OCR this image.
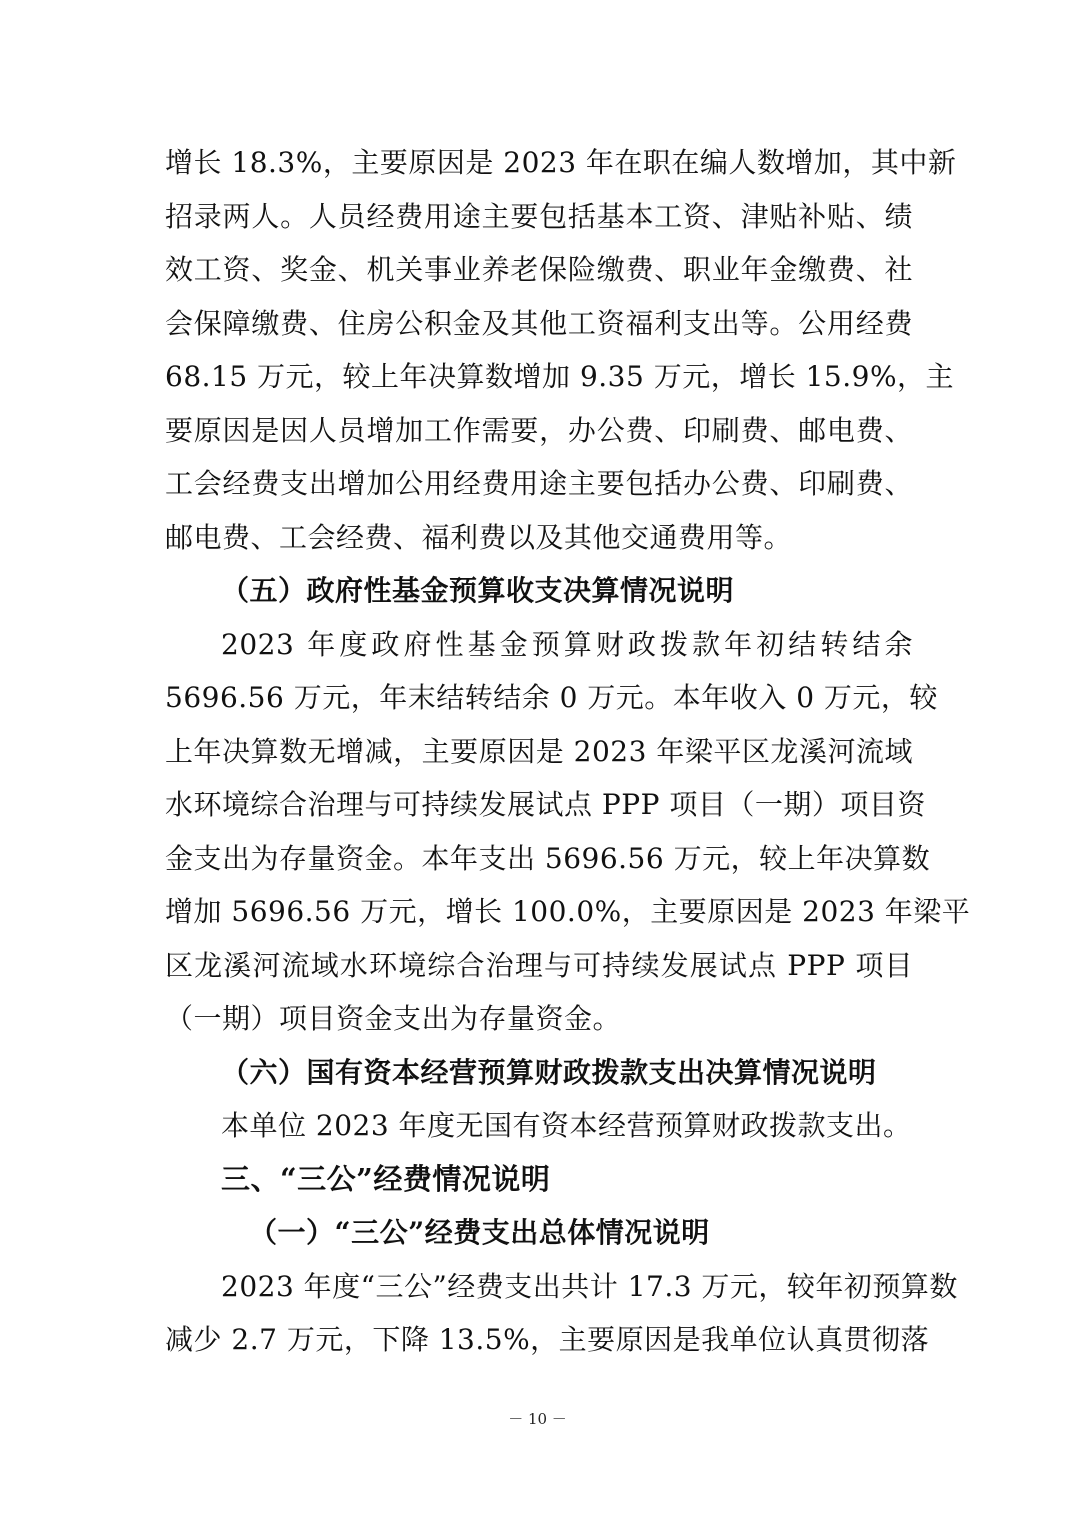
增长 18.3%，主要原因是 2023 年在职在编人数增加，其中新
招录两人。人员经费用途主要包括基本工资、津贴补贴、绩
效工资、奖金、机关事业养老保险缴费、职业年金缴费、社
会保障缴费、住房公积金及其他工资福利支出等。公用经费
68.15 万元，较上年决算数增加 9.35 万元，增长 15.9%，主
要原因是因人员增加工作需要，办公费、印刷费、邮电费、
工会经费支出增加公用经费用途主要包括办公费、印刷费、
邮电费、工会经费、福利费以及其他交通费用等。
（五）政府性基金预算收支决算情况说明
2023 年度政府性基金预算财政拨款年初结转结余
5696.56 万元，年末结转结余 0 万元。本年收入 0 万元，较
上年决算数无增减，主要原因是 2023 年梁平区龙溪河流域
水环境综合治理与可持续发展试点 PPP 项目（一期）项目资
金支出为存量资金。本年支出 5696.56 万元，较上年决算数
增加 5696.56 万元，增长 100.0%，主要原因是 2023 年梁平
区龙溪河流域水环境综合治理与可持续发展试点 PPP 项目
（一期）项目资金支出为存量资金。
（六）国有资本经营预算财政拨款支出决算情况说明
本单位 2023 年度无国有资本经营预算财政拨款支出。
三、“三公”经费情况说明
（一）“三公”经费支出总体情况说明
2023 年度“三公”经费支出共计 17.3 万元，较年初预算数
减少 2.7 万元，下降 13.5%，主要原因是我单位认真贯彻落
－ 10 －
